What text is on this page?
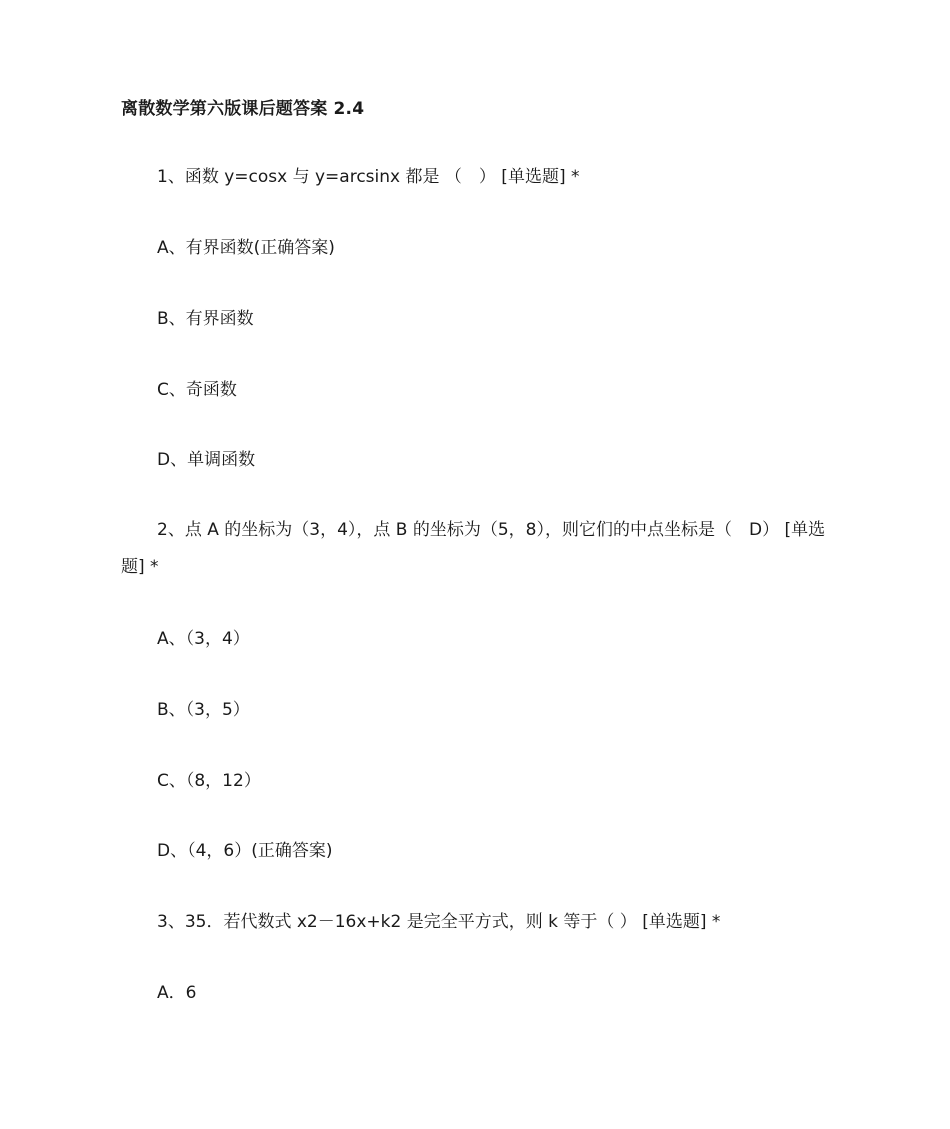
离散数学第六版课后题答案 2.4
1、函数 y=cosx 与 y=arcsinx 都是 （　） [单选题] *
A、有界函数(正确答案)
B、有界函数
C、奇函数
D、单调函数
2、点 A 的坐标为（3，4），点 B 的坐标为（5，8），则它们的中点坐标是（　D） [单选题] *
A、（3，4）
B、（3，5）
C、（8，12）
D、（4，6）(正确答案)
3、35．若代数式 x2－16x+k2 是完全平方式，则 k 等于（ ） [单选题] *
A．6
